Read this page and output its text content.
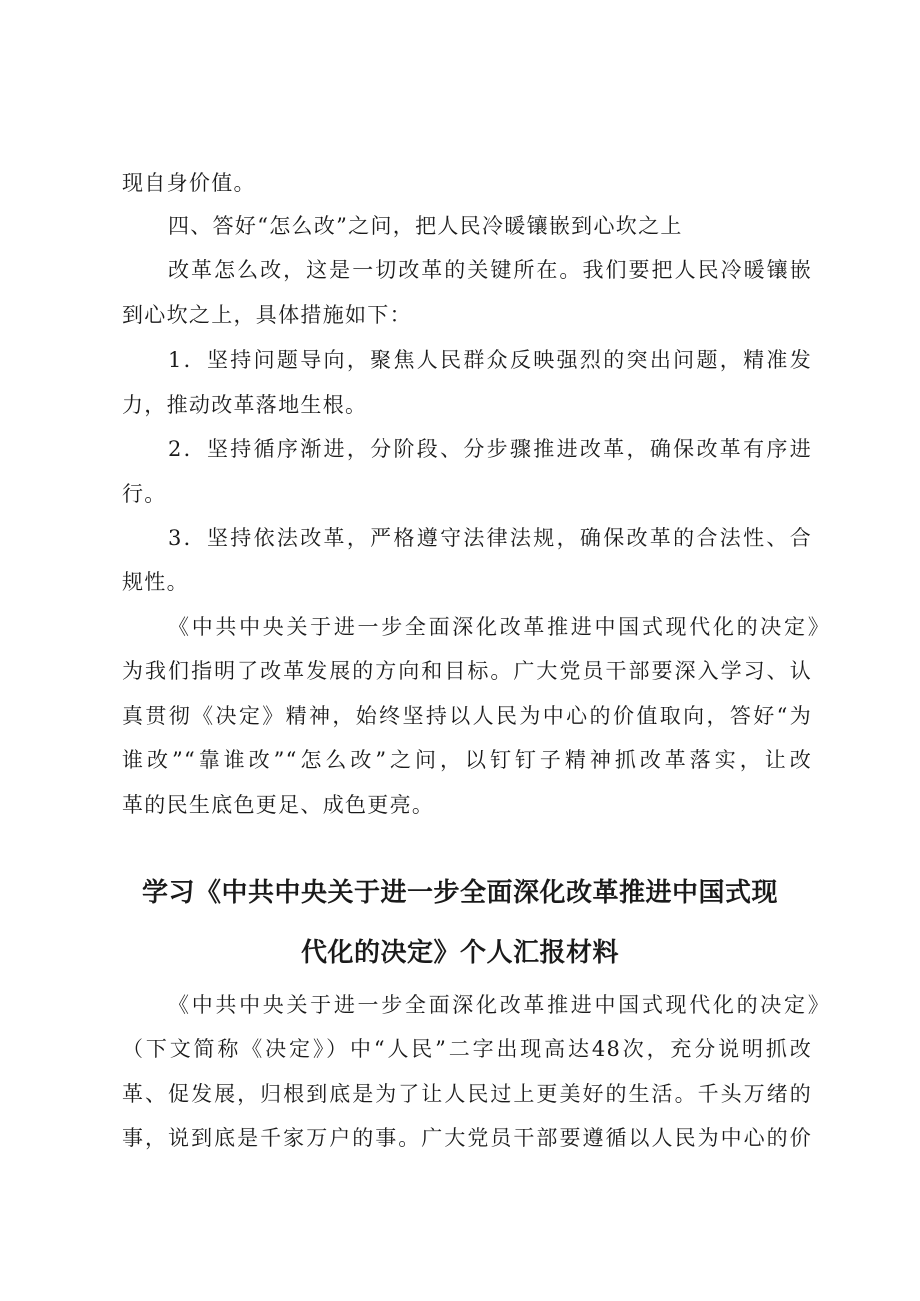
现自身价值。
四、答好“怎么改”之问，把人民冷暖镶嵌到心坎之上
改革怎么改，这是一切改革的关键所在。我们要把人民冷暖镶嵌
到心坎之上，具体措施如下：
1．坚持问题导向，聚焦人民群众反映强烈的突出问题，精准发
力，推动改革落地生根。
2．坚持循序渐进，分阶段、分步骤推进改革，确保改革有序进
行。
3．坚持依法改革，严格遵守法律法规，确保改革的合法性、合
规性。
《中共中央关于进一步全面深化改革推进中国式现代化的决定》
为我们指明了改革发展的方向和目标。广大党员干部要深入学习、认
真贯彻《决定》精神，始终坚持以人民为中心的价值取向，答好“为
谁改”“靠谁改”“怎么改”之问，以钉钉子精神抓改革落实，让改
革的民生底色更足、成色更亮。
学习《中共中央关于进一步全面深化改革推进中国式现
代化的决定》个人汇报材料
《中共中央关于进一步全面深化改革推进中国式现代化的决定》
（下文简称《决定》）中“人民”二字出现高达48次，充分说明抓改
革、促发展，归根到底是为了让人民过上更美好的生活。千头万绪的
事，说到底是千家万户的事。广大党员干部要遵循以人民为中心的价
